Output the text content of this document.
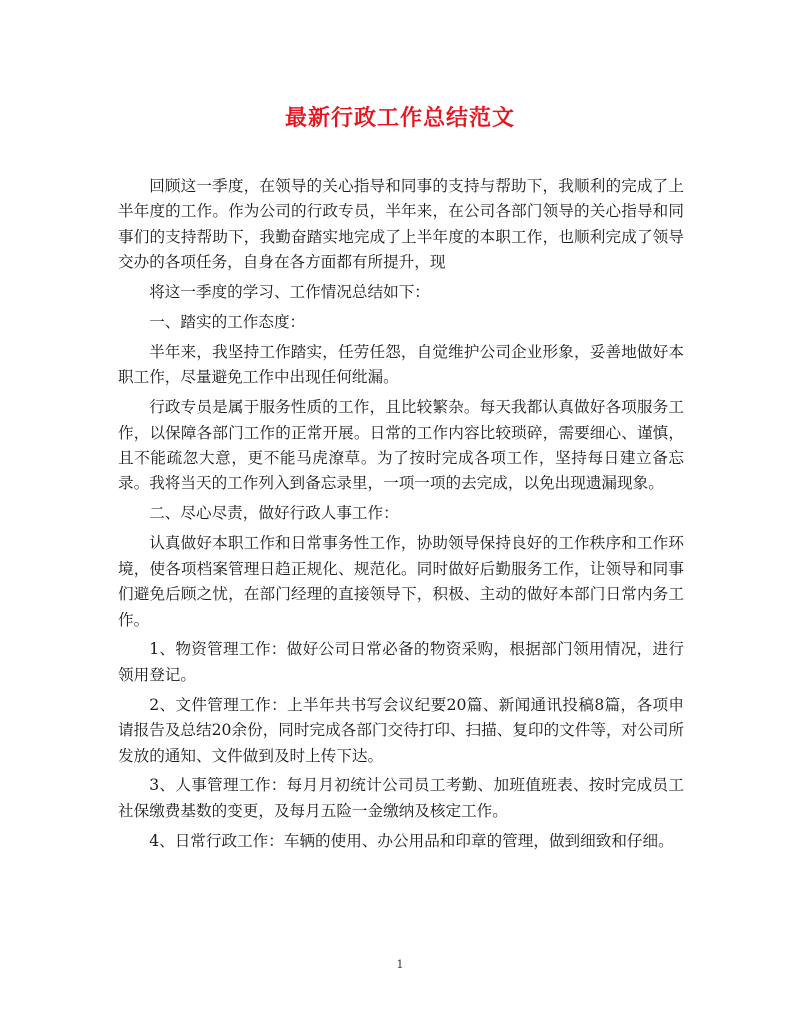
最新行政工作总结范文

回顾这一季度，在领导的关心指导和同事的支持与帮助下，我顺利的完成了上半年度的工作。作为公司的行政专员，半年来，在公司各部门领导的关心指导和同事们的支持帮助下，我勤奋踏实地完成了上半年度的本职工作，也顺利完成了领导交办的各项任务，自身在各方面都有所提升，现

将这一季度的学习、工作情况总结如下：

一、踏实的工作态度：

半年来，我坚持工作踏实，任劳任怨，自觉维护公司企业形象，妥善地做好本职工作，尽量避免工作中出现任何纰漏。

行政专员是属于服务性质的工作，且比较繁杂。每天我都认真做好各项服务工作，以保障各部门工作的正常开展。日常的工作内容比较琐碎，需要细心、谨慎，且不能疏忽大意，更不能马虎潦草。为了按时完成各项工作，坚持每日建立备忘录。我将当天的工作列入到备忘录里，一项一项的去完成，以免出现遗漏现象。

二、尽心尽责，做好行政人事工作：

认真做好本职工作和日常事务性工作，协助领导保持良好的工作秩序和工作环境，使各项档案管理日趋正规化、规范化。同时做好后勤服务工作，让领导和同事们避免后顾之忧，在部门经理的直接领导下，积极、主动的做好本部门日常内务工作。

1、物资管理工作：做好公司日常必备的物资采购，根据部门领用情况，进行领用登记。

2、文件管理工作：上半年共书写会议纪要20篇、新闻通讯投稿8篇，各项申请报告及总结20余份，同时完成各部门交待打印、扫描、复印的文件等，对公司所发放的通知、文件做到及时上传下达。

3、人事管理工作：每月月初统计公司员工考勤、加班值班表、按时完成员工社保缴费基数的变更，及每月五险一金缴纳及核定工作。

4、日常行政工作：车辆的使用、办公用品和印章的管理，做到细致和仔细。

1
